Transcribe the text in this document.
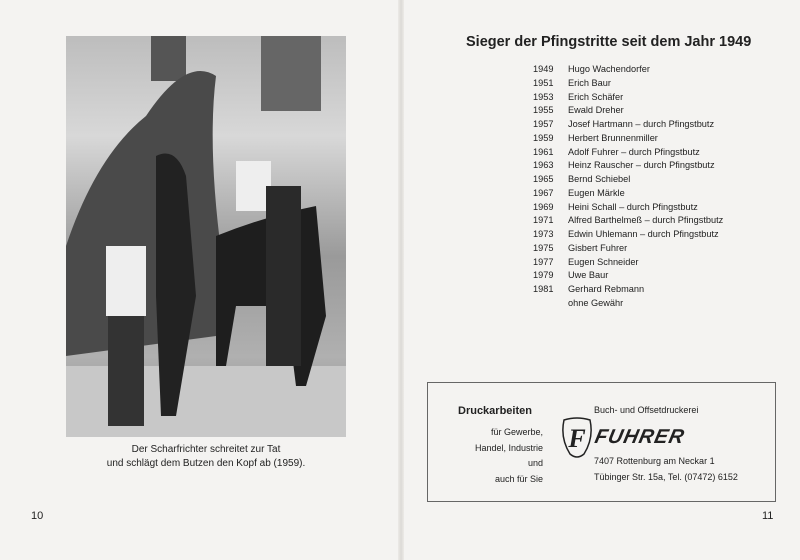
Der Scharfrichter schreitet zur Tat
und schlägt dem Butzen den Kopf ab (1959).
10
Sieger der Pfingstritte seit dem Jahr 1949
1949	Hugo Wachendorfer
1951	Erich Baur
1953	Erich Schäfer
1955	Ewald Dreher
1957	Josef Hartmann – durch Pfingstbutz
1959	Herbert Brunnenmiller
1961	Adolf Fuhrer – durch Pfingstbutz
1963	Heinz Rauscher – durch Pfingstbutz
1965	Bernd Schiebel
1967	Eugen Märkle
1969	Heini Schall – durch Pfingstbutz
1971	Alfred Barthelmeß – durch Pfingstbutz
1973	Edwin Uhlemann – durch Pfingstbutz
1975	Gisbert Fuhrer
1977	Eugen Schneider
1979	Uwe Baur
1981	Gerhard Rebmann
ohne Gewähr
Druckarbeiten
für Gewerbe,
Handel, Industrie
und
auch für Sie
F
Buch- und Offsetdruckerei
FUHRER
7407 Rottenburg am Neckar 1
Tübinger Str. 15a, Tel. (07472) 6152
11
